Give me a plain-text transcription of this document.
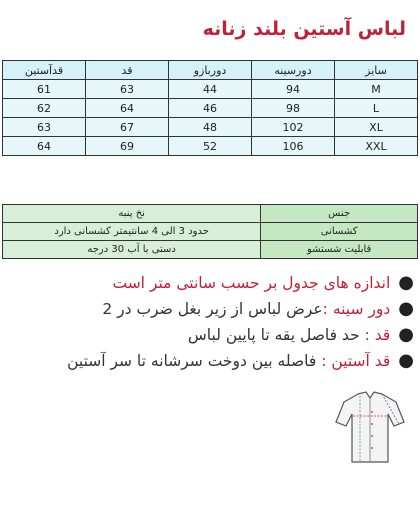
لباس آستین بلند زنانه
قدآستین	قد	دوربازو	دورسینه	سایز
61	63	44	94	M
62	64	46	98	L
63	67	48	102	XL
64	69	52	106	XXL
نخ پنبه	جنس
حدود 3 الی 4 سانتیمتر کشسانی دارد	کشسانی
دستی با آب 30 درجه	قابلیت شستشو
●اندازه های جدول بر حسب سانتی متر است
●دور سینه :عرض لباس از زیر بغل ضرب در 2
●قد : حد فاصل یقه تا پایین لباس
●قد آستین : فاصله بین دوخت سرشانه تا سر آستین
